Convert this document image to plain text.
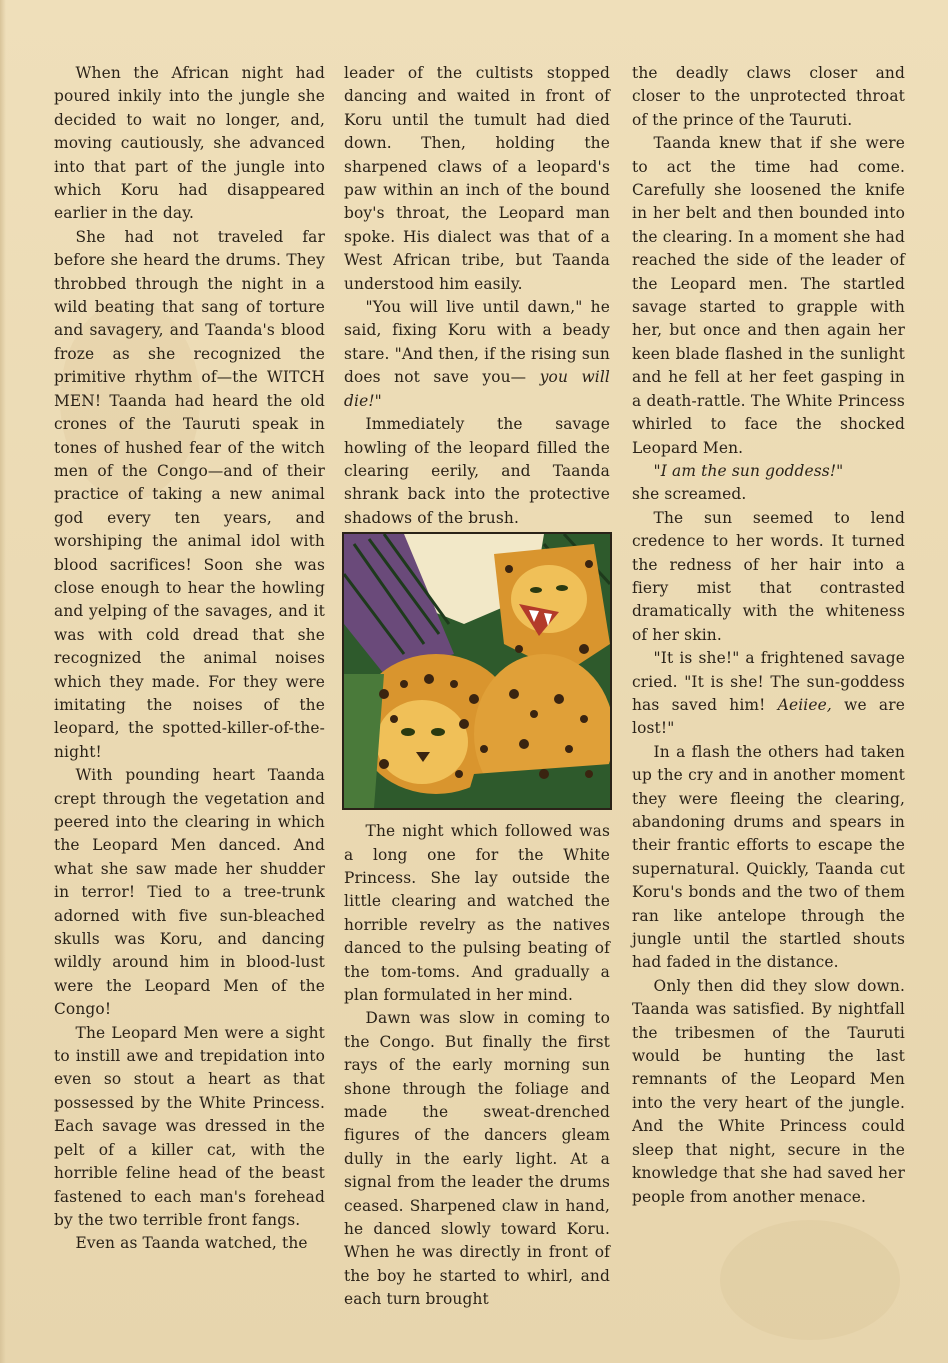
When the African night had poured inkily into the jungle she decided to wait no longer, and, moving cautiously, she advanced into that part of the jungle into which Koru had disappeared earlier in the day.

She had not traveled far before she heard the drums. They throbbed through the night in a wild beating that sang of torture and savagery, and Taanda's blood froze as she recognized the primitive rhythm of—the WITCH MEN! Taanda had heard the old crones of the Tauruti speak in tones of hushed fear of the witch men of the Congo—and of their practice of taking a new animal god every ten years, and worshiping the animal idol with blood sacrifices! Soon she was close enough to hear the howling and yelping of the savages, and it was with cold dread that she recognized the animal noises which they made. For they were imitating the noises of the leopard, the spotted-killer-of-the-night!

With pounding heart Taanda crept through the vegetation and peered into the clearing in which the Leopard Men danced. And what she saw made her shudder in terror! Tied to a tree-trunk adorned with five sun-bleached skulls was Koru, and dancing wildly around him in blood-lust were the Leopard Men of the Congo!

The Leopard Men were a sight to instill awe and trepidation into even so stout a heart as that possessed by the White Princess. Each savage was dressed in the pelt of a killer cat, with the horrible feline head of the beast fastened to each man's forehead by the two terrible front fangs.

Even as Taanda watched, the

leader of the cultists stopped dancing and waited in front of Koru until the tumult had died down. Then, holding the sharpened claws of a leopard's paw within an inch of the bound boy's throat, the Leopard man spoke. His dialect was that of a West African tribe, but Taanda understood him easily.

"You will live until dawn," he said, fixing Koru with a beady stare. "And then, if the rising sun does not save you— you will die!"

Immediately the savage howling of the leopard filled the clearing eerily, and Taanda shrank back into the protective shadows of the brush.

The night which followed was a long one for the White Princess. She lay outside the little clearing and watched the horrible revelry as the natives danced to the pulsing beating of the tom-toms. And gradually a plan formulated in her mind.

Dawn was slow in coming to the Congo. But finally the first rays of the early morning sun shone through the foliage and made the sweat-drenched figures of the dancers gleam dully in the early light. At a signal from the leader the drums ceased. Sharpened claw in hand, he danced slowly toward Koru. When he was directly in front of the boy he started to whirl, and each turn brought

the deadly claws closer and closer to the unprotected throat of the prince of the Tauruti.

Taanda knew that if she were to act the time had come. Carefully she loosened the knife in her belt and then bounded into the clearing. In a moment she had reached the side of the leader of the Leopard men. The startled savage started to grapple with her, but once and then again her keen blade flashed in the sunlight and he fell at her feet gasping in a death-rattle. The White Princess whirled to face the shocked Leopard Men.

"I am the sun goddess!"
she screamed.

The sun seemed to lend credence to her words. It turned the redness of her hair into a fiery mist that contrasted dramatically with the whiteness of her skin.

"It is she!" a frightened savage cried. "It is she! The sun-goddess has saved him! Aeiiee, we are lost!"

In a flash the others had taken up the cry and in another moment they were fleeing the clearing, abandoning drums and spears in their frantic efforts to escape the supernatural. Quickly, Taanda cut Koru's bonds and the two of them ran like antelope through the jungle until the startled shouts had faded in the distance.

Only then did they slow down. Taanda was satisfied. By nightfall the tribesmen of the Tauruti would be hunting the last remnants of the Leopard Men into the very heart of the jungle. And the White Princess could sleep that night, secure in the knowledge that she had saved her people from another menace.
